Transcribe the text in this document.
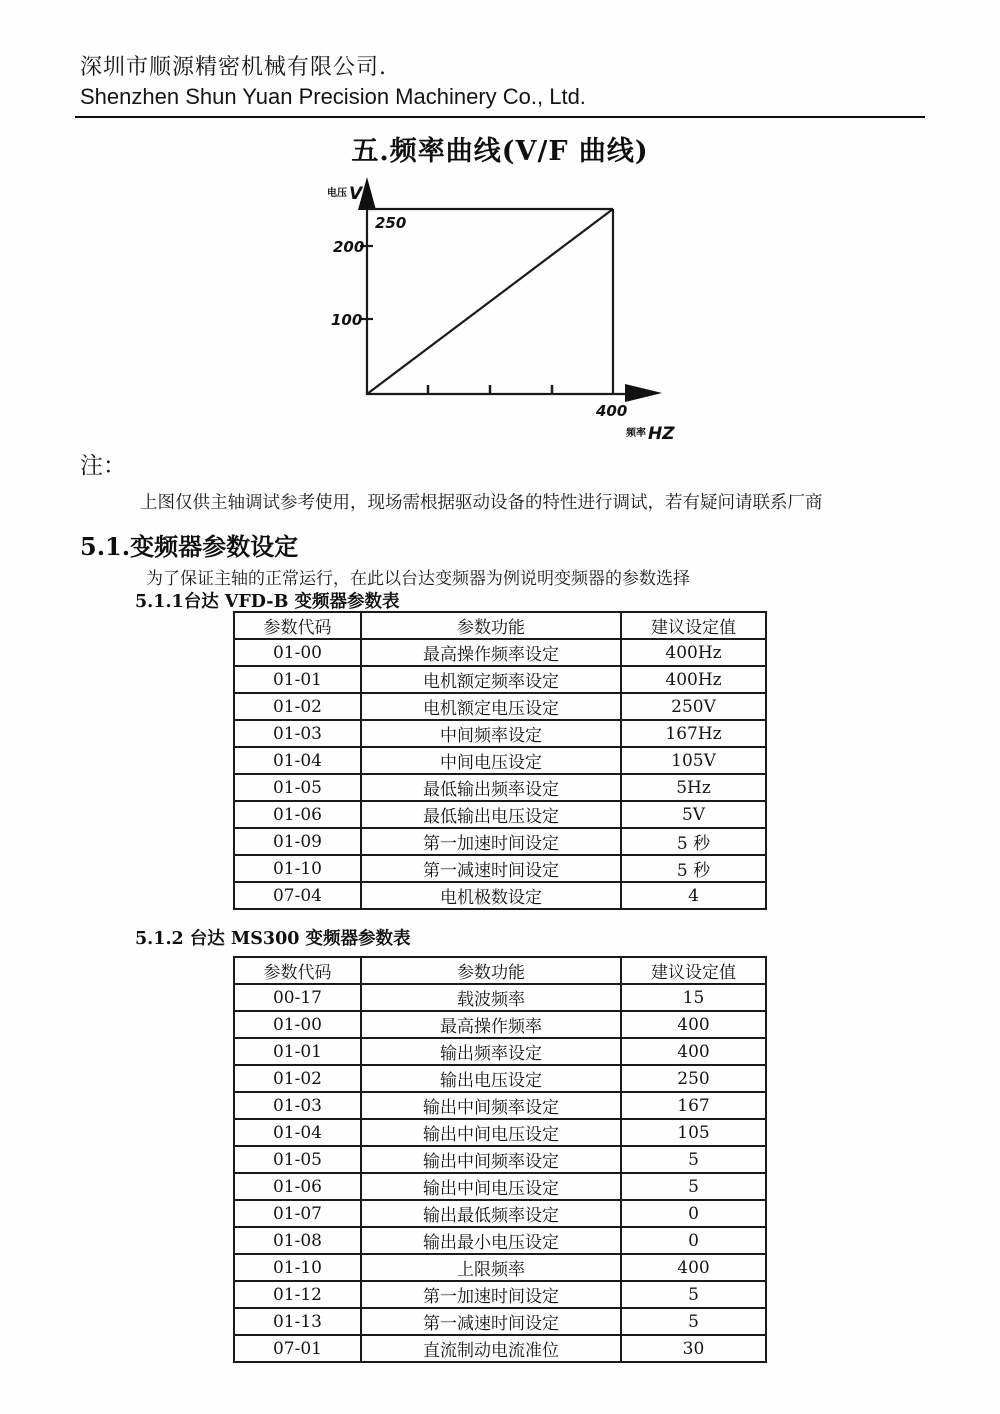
深圳市顺源精密机械有限公司.
Shenzhen Shun Yuan Precision Machinery Co., Ltd.
五.频率曲线(V/F 曲线)
电压 V
250
200
100
400
频率 HZ
注：
上图仅供主轴调试参考使用，现场需根据驱动设备的特性进行调试，若有疑问请联系厂商
5.1.变频器参数设定
为了保证主轴的正常运行，在此以台达变频器为例说明变频器的参数选择
5.1.1台达 VFD-B 变频器参数表
参数代码	参数功能	建议设定值
01-00	最高操作频率设定	400Hz
01-01	电机额定频率设定	400Hz
01-02	电机额定电压设定	250V
01-03	中间频率设定	167Hz
01-04	中间电压设定	105V
01-05	最低输出频率设定	5Hz
01-06	最低输出电压设定	5V
01-09	第一加速时间设定	5 秒
01-10	第一减速时间设定	5 秒
07-04	电机极数设定	4
5.1.2 台达 MS300 变频器参数表
参数代码	参数功能	建议设定值
00-17	载波频率	15
01-00	最高操作频率	400
01-01	输出频率设定	400
01-02	输出电压设定	250
01-03	输出中间频率设定	167
01-04	输出中间电压设定	105
01-05	输出中间频率设定	5
01-06	输出中间电压设定	5
01-07	输出最低频率设定	0
01-08	输出最小电压设定	0
01-10	上限频率	400
01-12	第一加速时间设定	5
01-13	第一减速时间设定	5
07-01	直流制动电流准位	30
